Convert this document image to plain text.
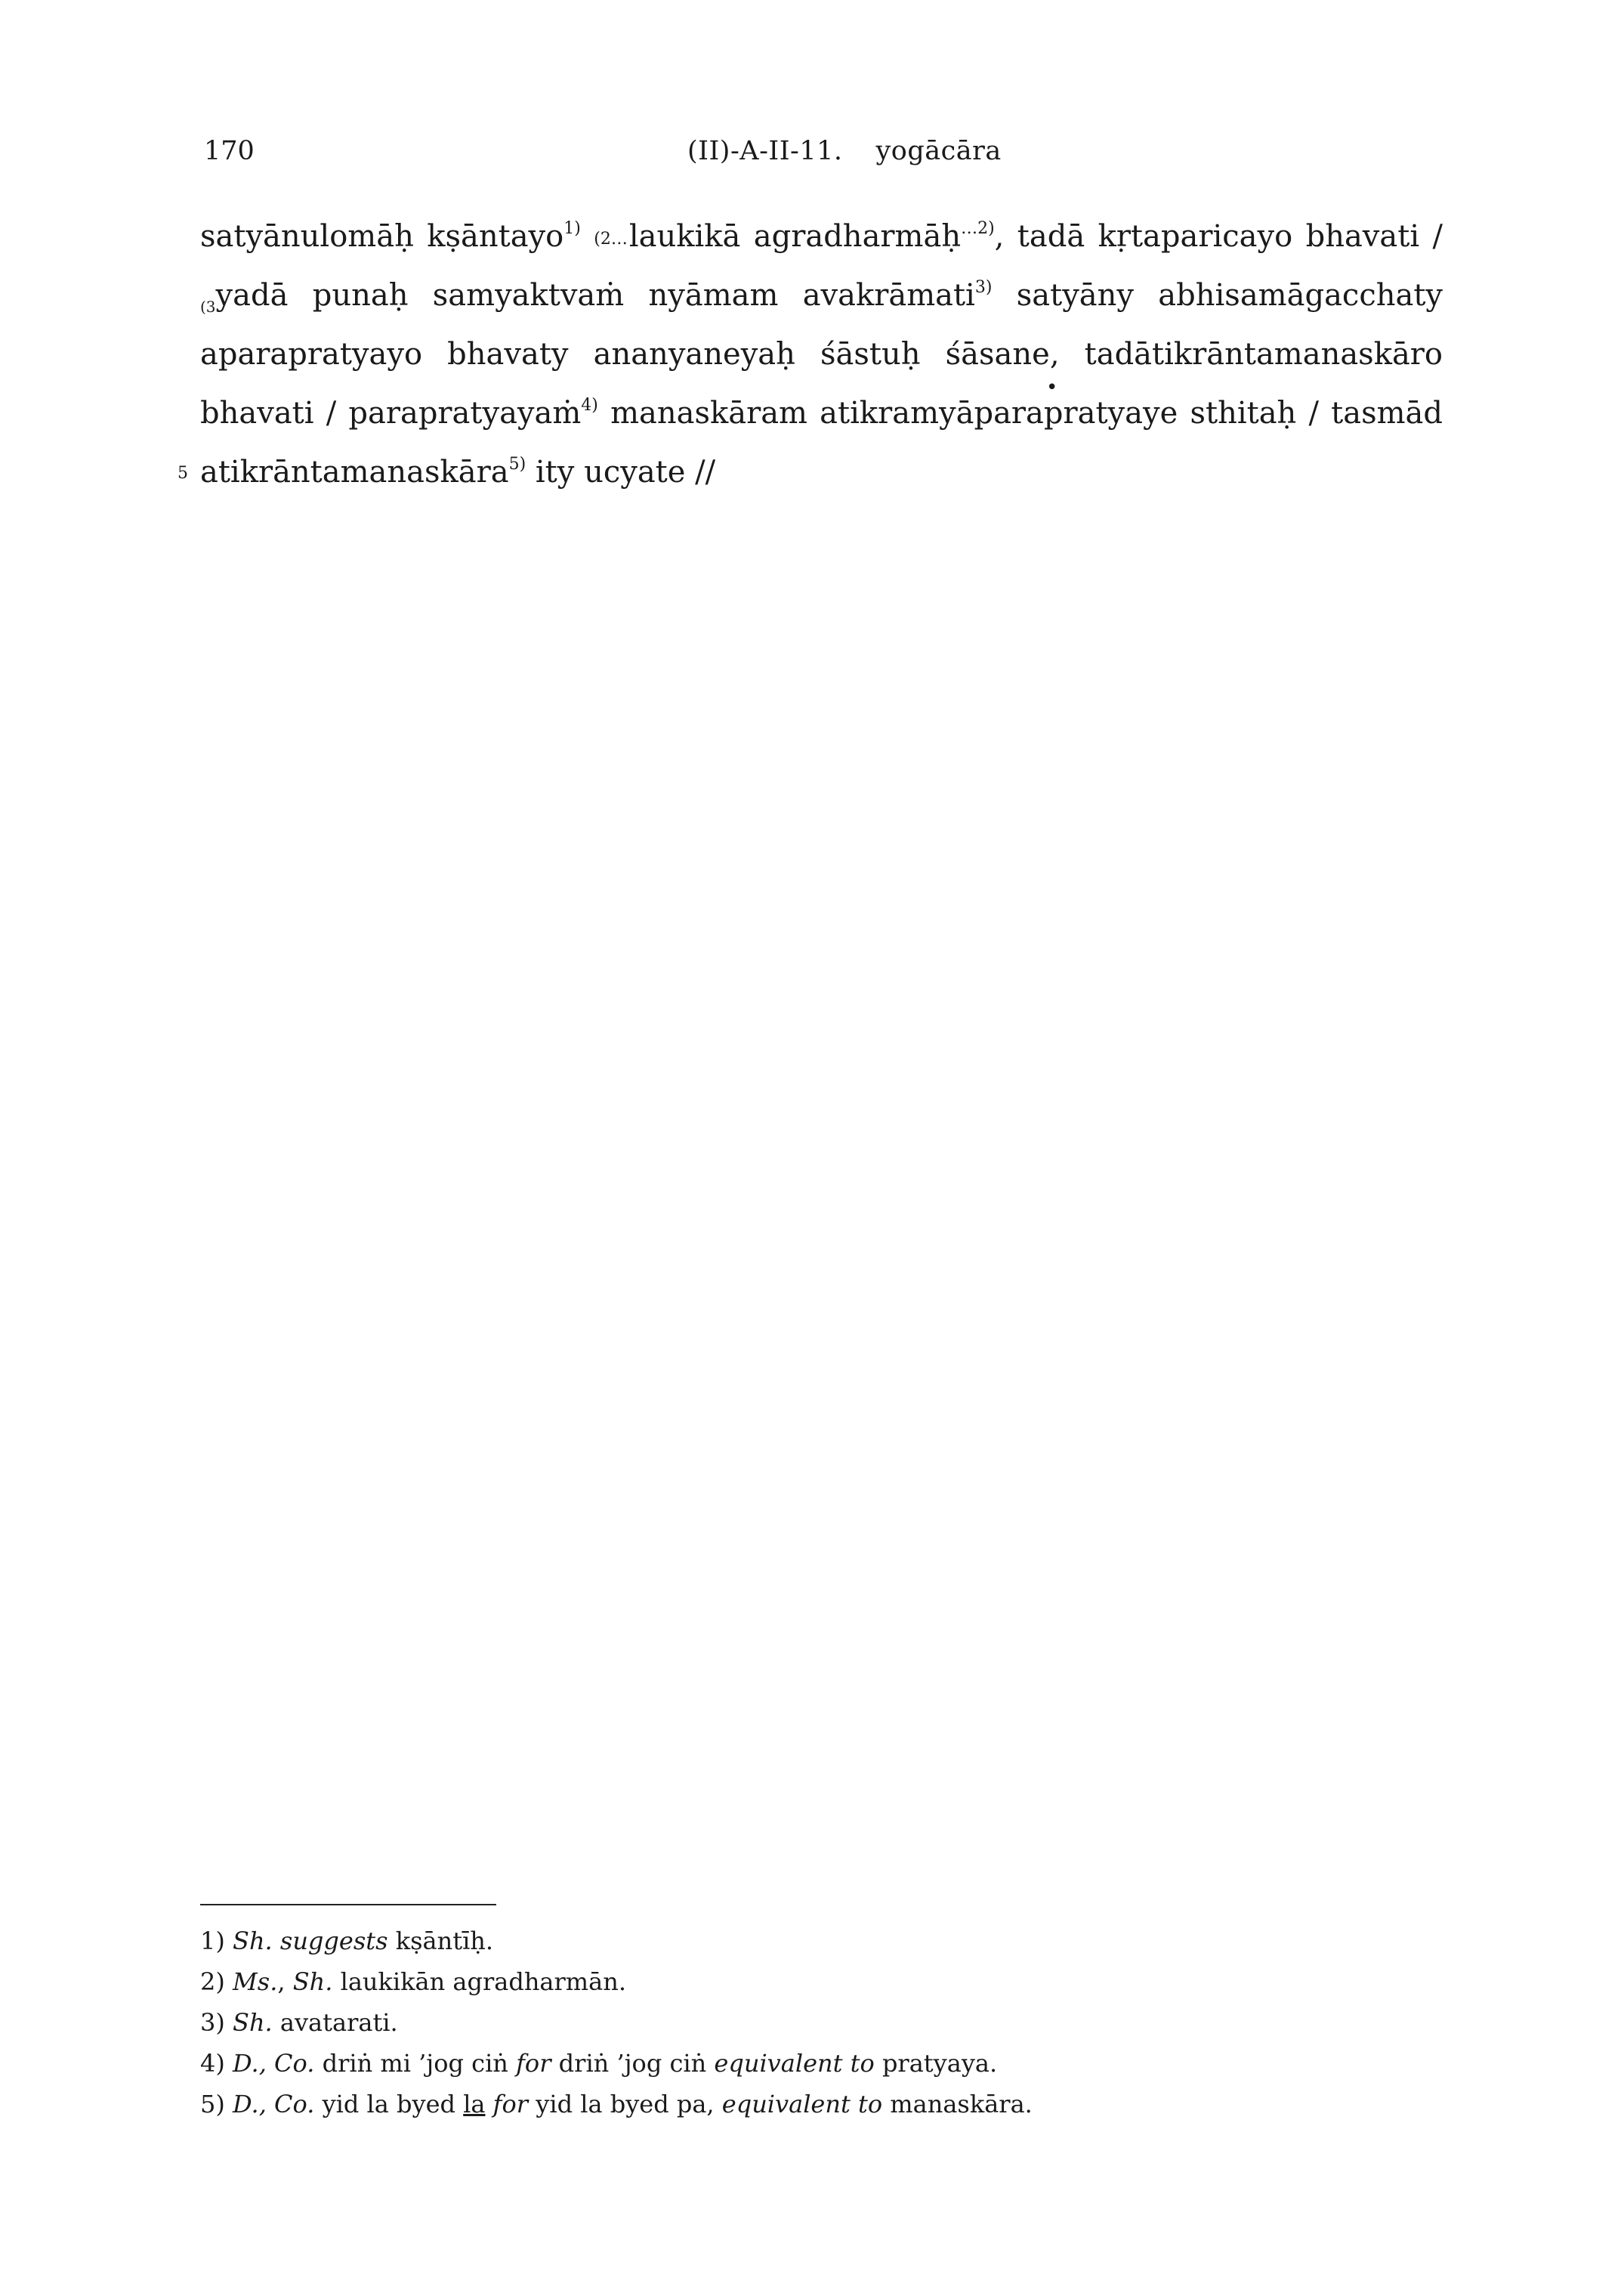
170	(II)-A-II-11. yogācāra
satyānulomāḥ kṣāntayo$^{1)}$ (2…laukikā agradharmāḥ$^{\dots 2)}$, tadā kṛtaparicayo bhavati /
$_{(3}$yadā punaḥ samyaktvaṁ nyāmam avakrāmati$^{3)}$ satyāny abhisamāgacchaty
aparapratyayo bhavaty ananyaneyaḥ śāstuḥ śāsane, tadātikrāntamanaskāro
bhavati / parapratyayaṁ$^{4)}$ manaskāram atikramyāparapratyaye sthitaḥ / tasmād
•
5 atikrāntamanaskāra$^{5)}$ ity ucyate //
1) Sh. suggests kṣāntīḥ.
2) Ms., Sh. laukikān agradharmān.
3) Sh. avatarati.
4) D., Co. driṅ mi ’jog ciṅ for driṅ ’jog ciṅ equivalent to pratyaya.
5) D., Co. yid la byed la for yid la byed pa, equivalent to manaskāra.
